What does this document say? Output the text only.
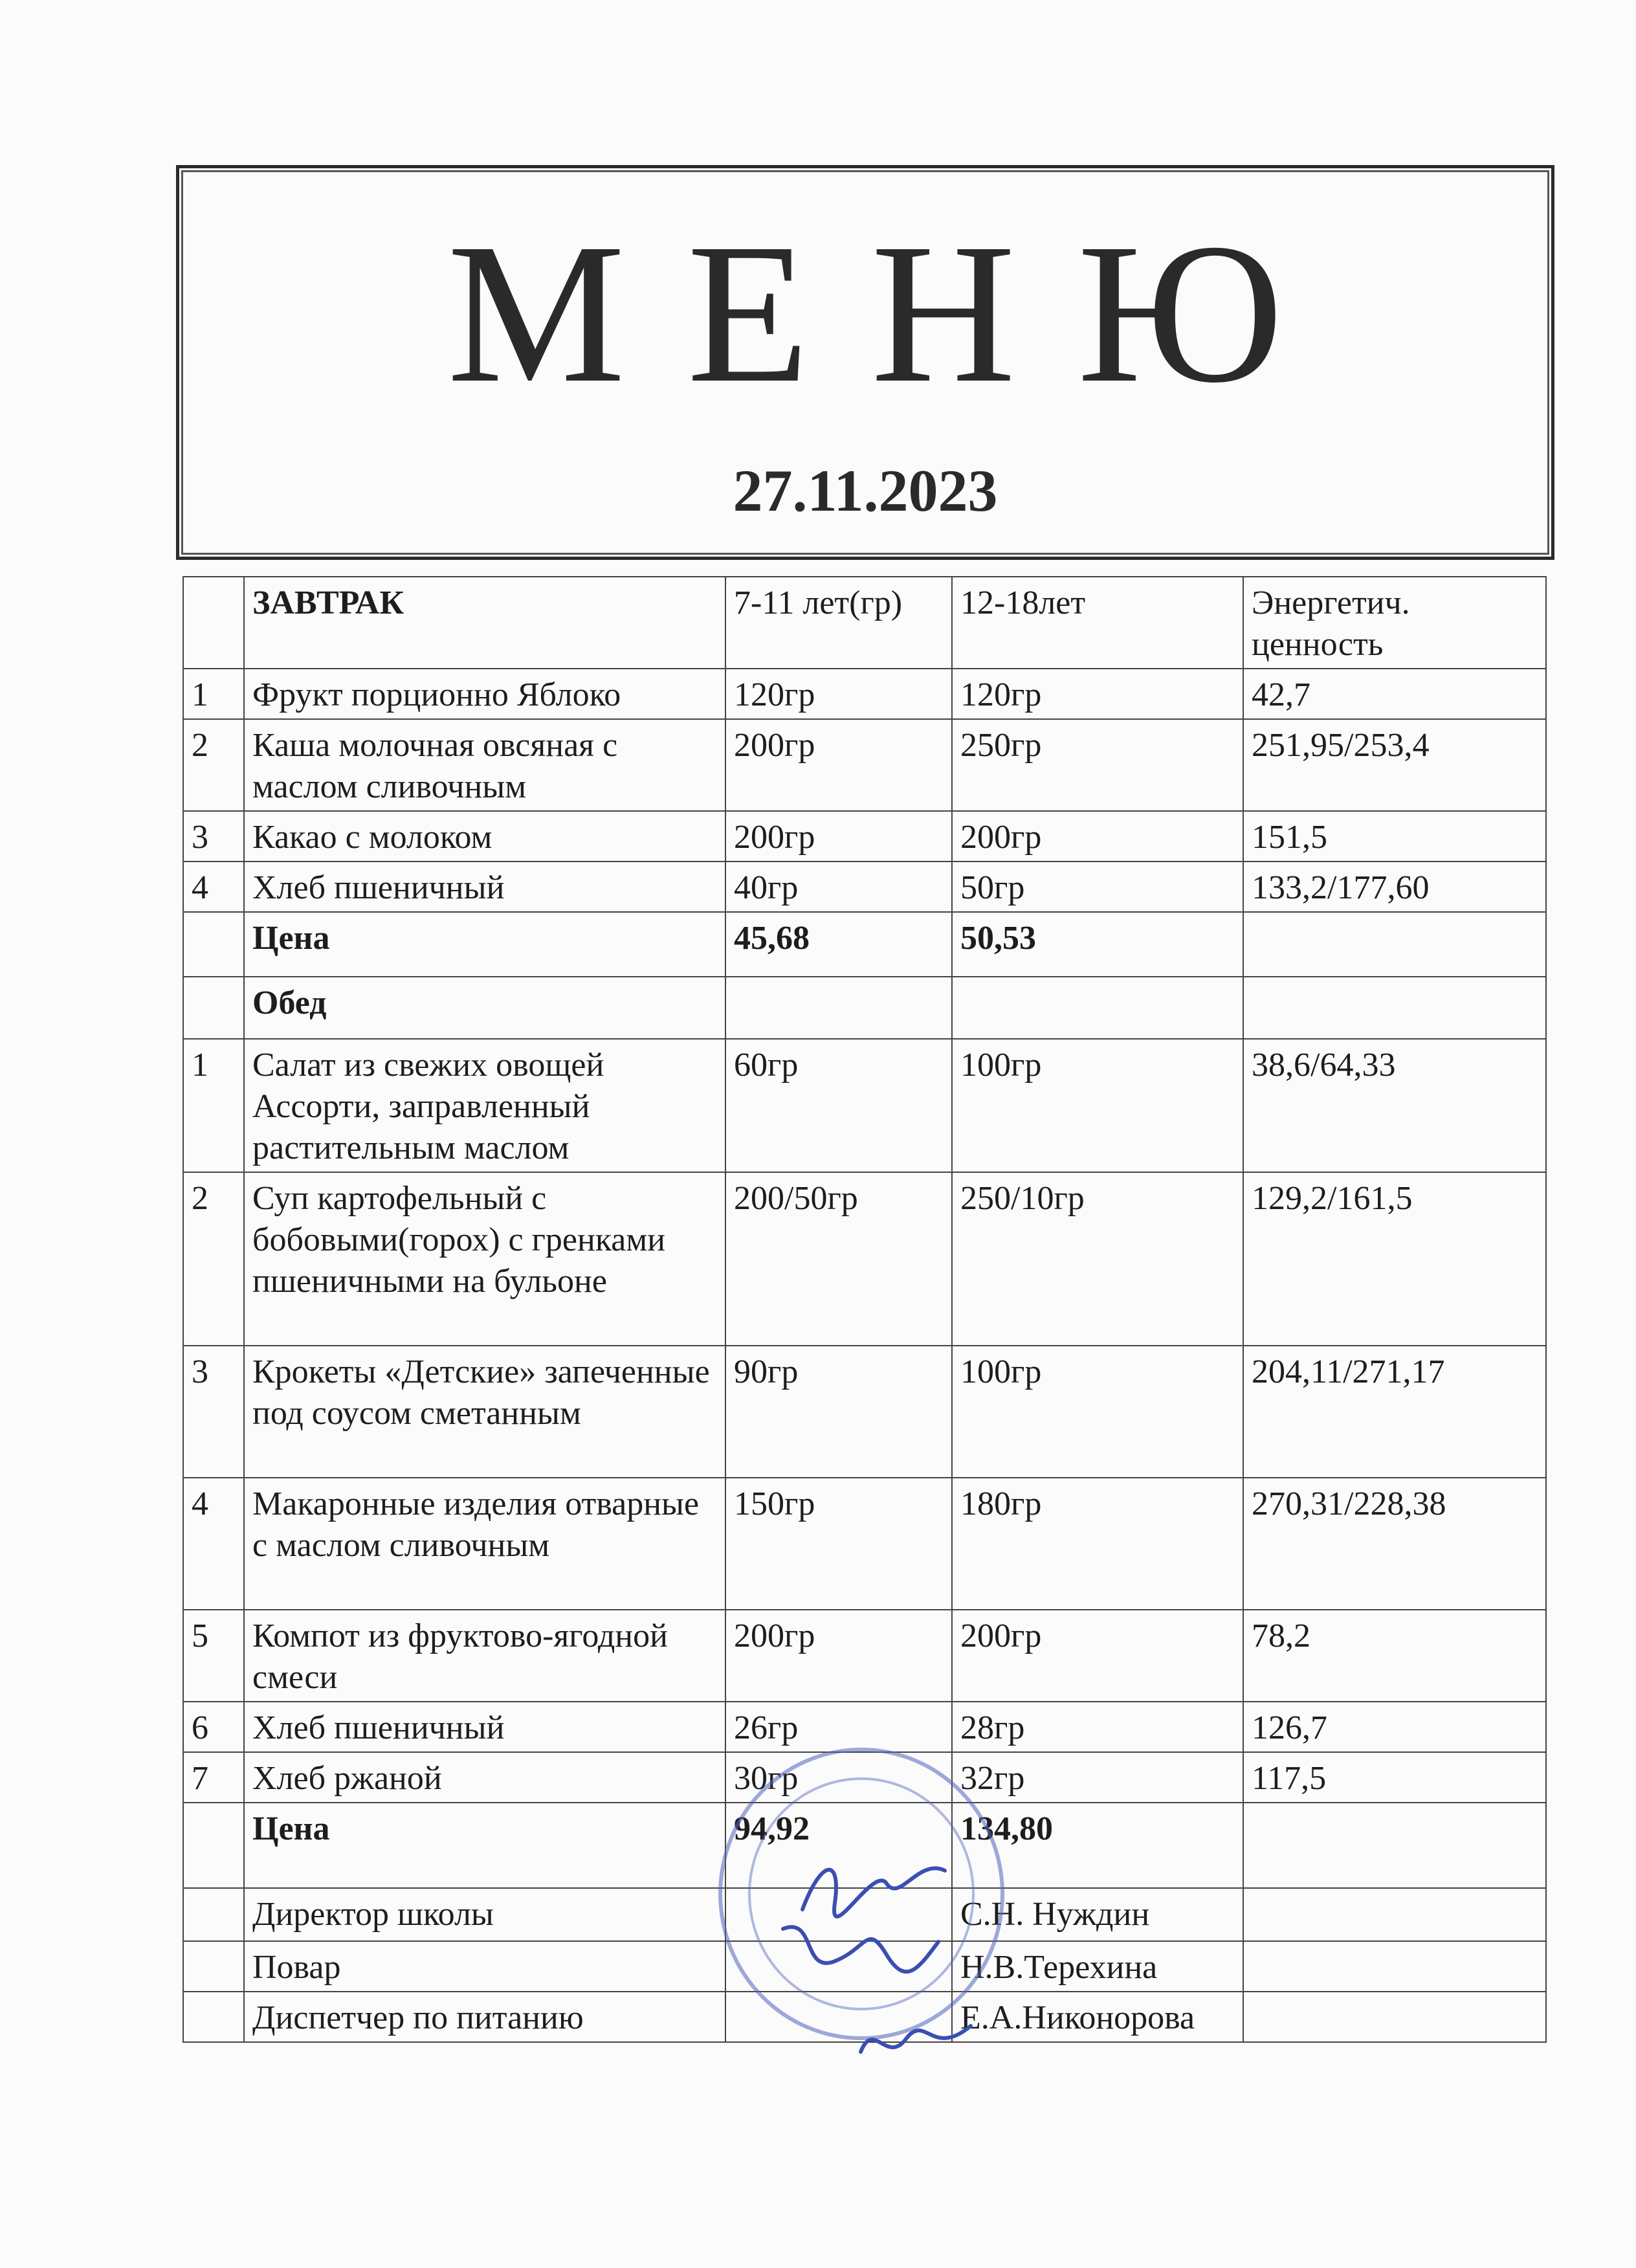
МЕНЮ
27.11.2023
	ЗАВТРАК	7-11 лет(гр)	12-18лет	Энергетич. ценность
1	Фрукт порционно Яблоко	120гр	120гр	42,7
2	Каша молочная овсяная с маслом сливочным	200гр	250гр	251,95/253,4
3	Какао с молоком	200гр	200гр	151,5
4	Хлеб пшеничный	40гр	50гр	133,2/177,60
	Цена	45,68	50,53	
	Обед			
1	Салат из свежих овощей Ассорти, заправленный растительным маслом	60гр	100гр	38,6/64,33
2	Суп картофельный с бобовыми(горох) с гренками пшеничными на бульоне	200/50гр	250/10гр	129,2/161,5
3	Крокеты «Детские» запеченные под соусом сметанным	90гр	100гр	204,11/271,17
4	Макаронные изделия отварные с маслом сливочным	150гр	180гр	270,31/228,38
5	Компот из фруктово-ягодной смеси	200гр	200гр	78,2
6	Хлеб пшеничный	26гр	28гр	126,7
7	Хлеб ржаной	30гр	32гр	117,5
	Цена	94,92	134,80	
	Директор школы		С.Н. Нуждин	
	Повар		Н.В.Терехина	
	Диспетчер по питанию		Е.А.Никонорова	
